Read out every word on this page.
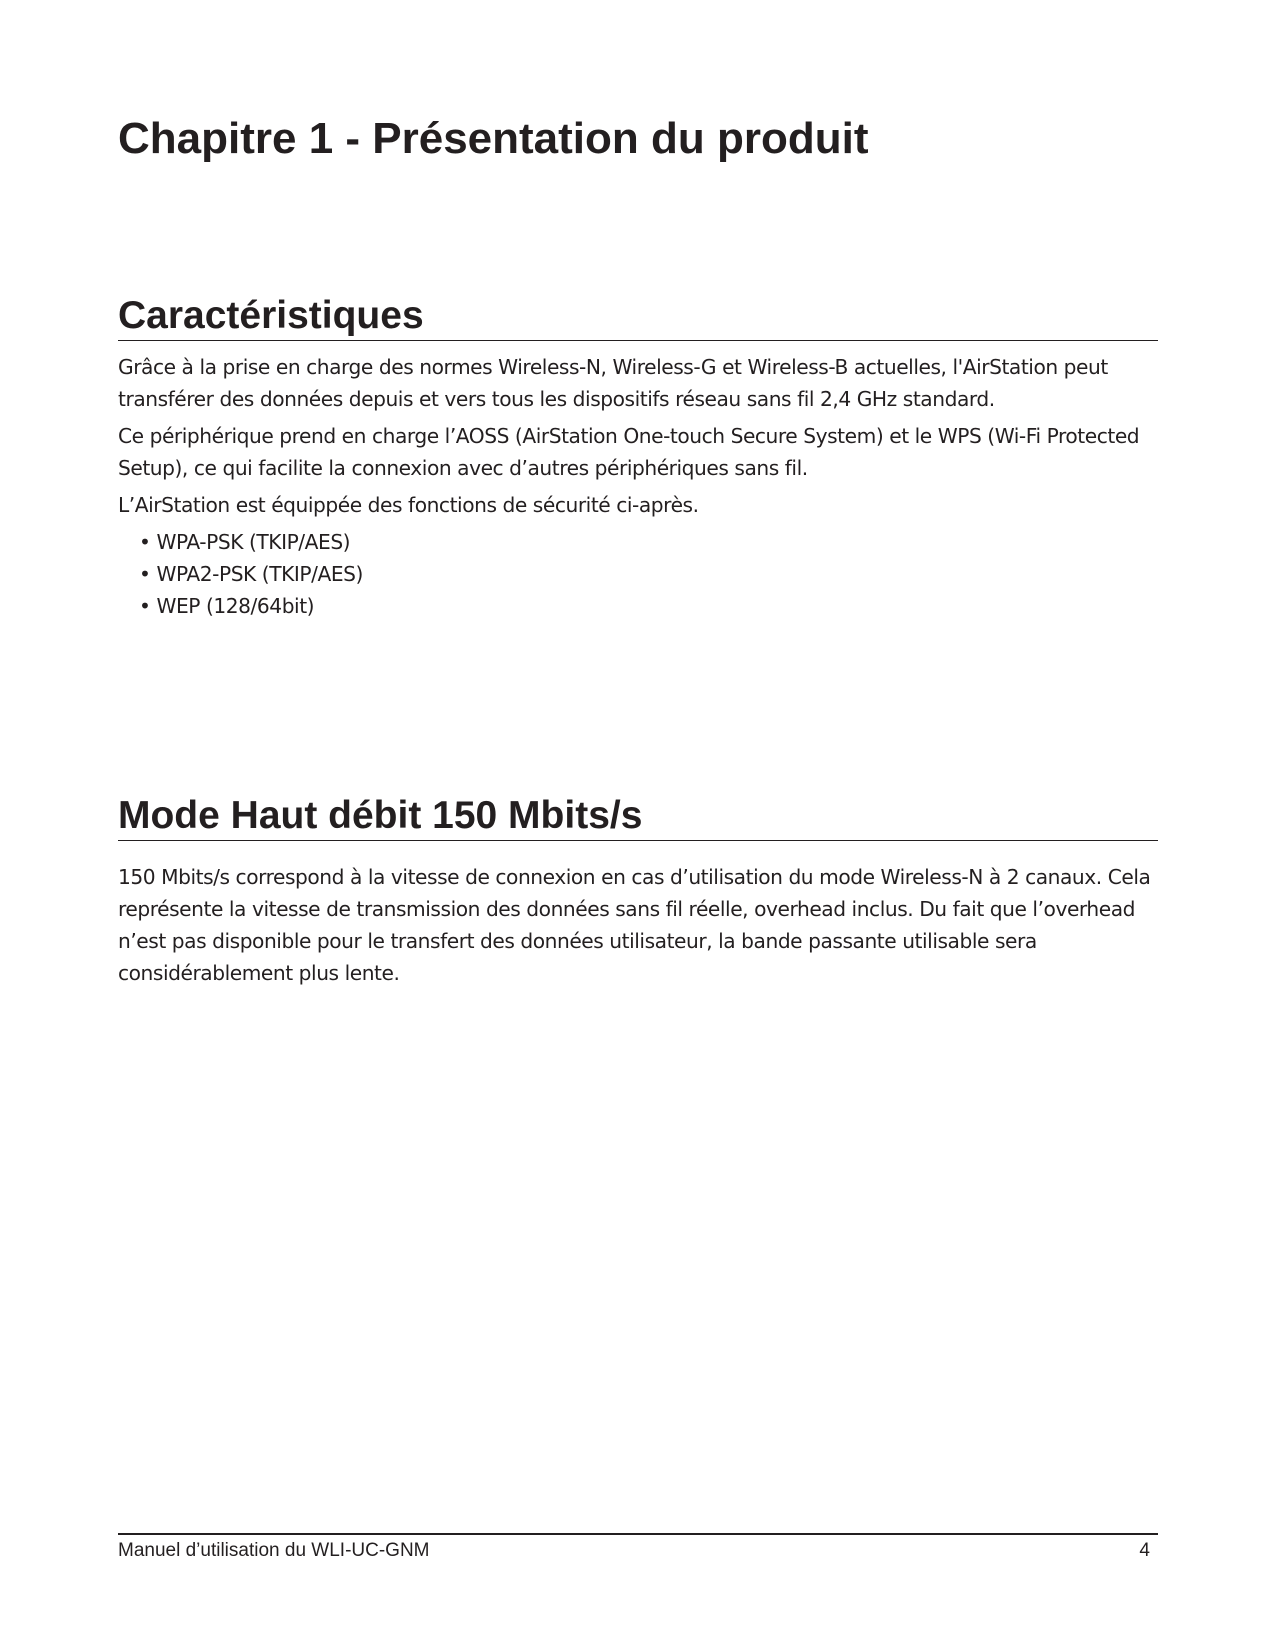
Chapitre 1 - Présentation du produit
Caractéristiques

Grâce à la prise en charge des normes Wireless-N, Wireless-G et Wireless-B actuelles, l'AirStation peut transférer des données depuis et vers tous les dispositifs réseau sans fil 2,4 GHz standard.

Ce périphérique prend en charge l’AOSS (AirStation One-touch Secure System) et le WPS (Wi-Fi Protected Setup), ce qui facilite la connexion avec d’autres périphériques sans fil.

L’AirStation est équippée des fonctions de sécurité ci-après.

• WPA-PSK (TKIP/AES)
• WPA2-PSK (TKIP/AES)
• WEP (128/64bit)
Mode Haut débit 150 Mbits/s

150 Mbits/s correspond à la vitesse de connexion en cas d’utilisation du mode Wireless-N à 2 canaux. Cela représente la vitesse de transmission des données sans fil réelle, overhead inclus. Du fait que l’overhead n’est pas disponible pour le transfert des données utilisateur, la bande passante utilisable sera considérablement plus lente.

Manuel d’utilisation du WLI-UC-GNM	4
